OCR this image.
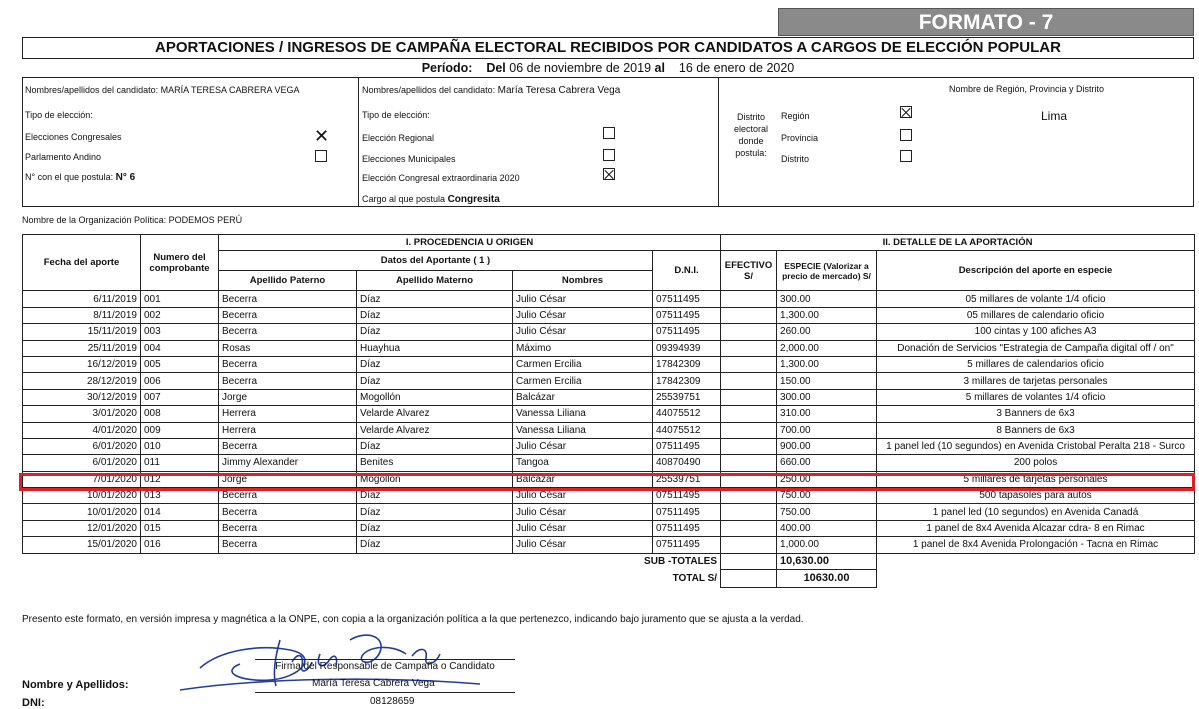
FORMATO - 7
APORTACIONES / INGRESOS DE CAMPAÑA ELECTORAL RECIBIDOS POR CANDIDATOS A CARGOS DE ELECCIÓN POPULAR
Período: Del 06 de noviembre de 2019 al 16 de enero de 2020
Nombres/apellidos del candidato: MARÍA TERESA CABRERA VEGA
Tipo de elección:
Elecciones Congresales	✕
Parlamento Andino
N° con el que postula: N° 6
Nombres/apellidos del candidato: María Teresa Cabrera Vega
Tipo de elección:
Elección Regional
Elecciones Municipales
Elección Congresal extraordinaria 2020
Cargo al que postula Congresita
Nombre de Región, Provincia y Distrito
Distrito electoral donde postula:
Región	Lima
Provincia
Distrito
Nombre de la Organización Política: PODEMOS PERÚ
Fecha del aporte	Numero del comprobante	I. PROCEDENCIA U ORIGEN				II. DETALLE DE LA APORTACIÓN		
		Datos del Aportante ( 1 )			D.N.I.	EFECTIVO S/	ESPECIE (Valorizar a precio de mercado) S/	Descripción del aporte en especie
		Apellido Paterno	Apellido Materno	Nombres				
6/11/2019	001	Becerra	Díaz	Julio César	07511495		300.00	05 millares de volante 1/4 oficio
8/11/2019	002	Becerra	Díaz	Julio César	07511495		1,300.00	05 millares de calendario oficio
15/11/2019	003	Becerra	Díaz	Julio César	07511495		260.00	100 cintas y 100 afiches A3
25/11/2019	004	Rosas	Huayhua	Máximo	09394939		2,000.00	Donación de Servicios "Estrategia de Campaña digital off / on"
16/12/2019	005	Becerra	Díaz	Carmen Ercilia	17842309		1,300.00	5 millares de calendarios oficio
28/12/2019	006	Becerra	Díaz	Carmen Ercilia	17842309		150.00	3 millares de tarjetas personales
30/12/2019	007	Jorge	Mogollón	Balcázar	25539751		300.00	5 millares de volantes 1/4 oficio
3/01/2020	008	Herrera	Velarde Alvarez	Vanessa Liliana	44075512		310.00	3 Banners de 6x3
4/01/2020	009	Herrera	Velarde Alvarez	Vanessa Liliana	44075512		700.00	8 Banners de 6x3
6/01/2020	010	Becerra	Díaz	Julio César	07511495		900.00	1 panel led (10 segundos) en Avenida Cristobal Peralta 218 - Surco
6/01/2020	011	Jimmy Alexander	Benites	Tangoa	40870490		660.00	200 polos
7/01/2020	012	Jorge	Mogollón	Balcázar	25539751		250.00	5 millares de tarjetas personales
10/01/2020	013	Becerra	Díaz	Julio César	07511495		750.00	500 tapasoles para autos
10/01/2020	014	Becerra	Díaz	Julio César	07511495		750.00	1 panel led (10 segundos) en Avenida Canadá
12/01/2020	015	Becerra	Díaz	Julio César	07511495		400.00	1 panel de 8x4 Avenida Alcazar cdra- 8 en Rimac
15/01/2020	016	Becerra	Díaz	Julio César	07511495		1,000.00	1 panel de 8x4 Avenida Prolongación - Tacna en Rimac
SUB -TOTALES							10,630.00	
TOTAL S/							10630.00	
Presento este formato, en versión impresa y magnética a la ONPE, con copia a la organización política a la que pertenezco, indicando bajo juramento que se ajusta a la verdad.
Firma del Responsable de Campaña o Candidato
Nombre y Apellidos:	María Teresa Cabrera Vega
DNI:	08128659
